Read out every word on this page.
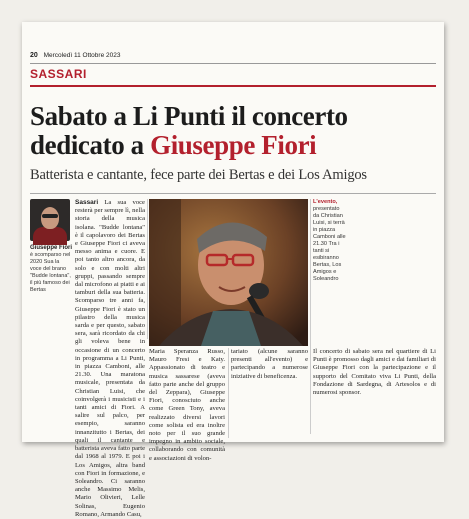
20 Mercoledì 11 Ottobre 2023
SASSARI
Sabato a Li Punti il concerto
dedicato a Giuseppe Fiori
Batterista e cantante, fece parte dei Bertas e dei Los Amigos
Giuseppe Fiori
è scomparso nel 2020 Sua la voce del brano "Budde lontana", il più famoso dei Bertas
Sassari La sua voce resterà per sempre lì, nella storia della musica isolana. "Budde lontana" è il capolavoro dei Bertas e Giuseppe Fiori ci aveva messo anima e cuore. E poi tanto altro ancora, da solo e con molti altri gruppi, passando sempre dal microfono ai piatti e ai tamburi della sua batteria. Scomparso tre anni fa, Giuseppe Fiori è stato un pilastro della musica sarda e per questo, sabato sera, sarà ricordato da chi gli voleva bene in occasione di un concerto in programma a Li Punti, in piazza Camboni, alle 21.30. Una maratona musicale, presentata da Christian Luisi, che coinvolgerà i musicisti e i tanti amici di Fiori. A salire sul palco, per esempio, saranno innanzitutto i Bertas, dei quali il cantante e batterista aveva fatto parte dal 1968 al 1979. E poi i Los Amigos, altra band con Fiori in formazione, e Soleandro. Ci saranno anche Massimo Melis, Mario Olivieri, Lelle Solinas, Eugenio Romano, Armando Casu,
L'evento, presentato da Christian Luisi, si terrà in piazza Camboni alle 21.30 Tra i tanti si esibiranno Bertas, Los Amigos e Soleandro
Maria Speranza Russo, Mauro Fresi e Katy. Appassionato di teatro e musica sassarese (aveva fatto parte anche del gruppo del Zeppara), Giuseppe Fiori, conosciuto anche come Green Tony, aveva realizzato diversi lavori come solista ed era inoltre noto per il suo grande impegno in ambito sociale, collaborando con comunità e associazioni di volon-
tariato (alcune saranno presenti all'evento) e partecipando a numerose iniziative di beneficenza.
Il concerto di sabato sera nel quartiere di Li Punti è promosso dagli amici e dai familiari di Giuseppe Fiori con la partecipazione e il supporto del Comitato viva Li Punti, della Fondazione di Sardegna, di Artesolos e di numerosi sponsor.
